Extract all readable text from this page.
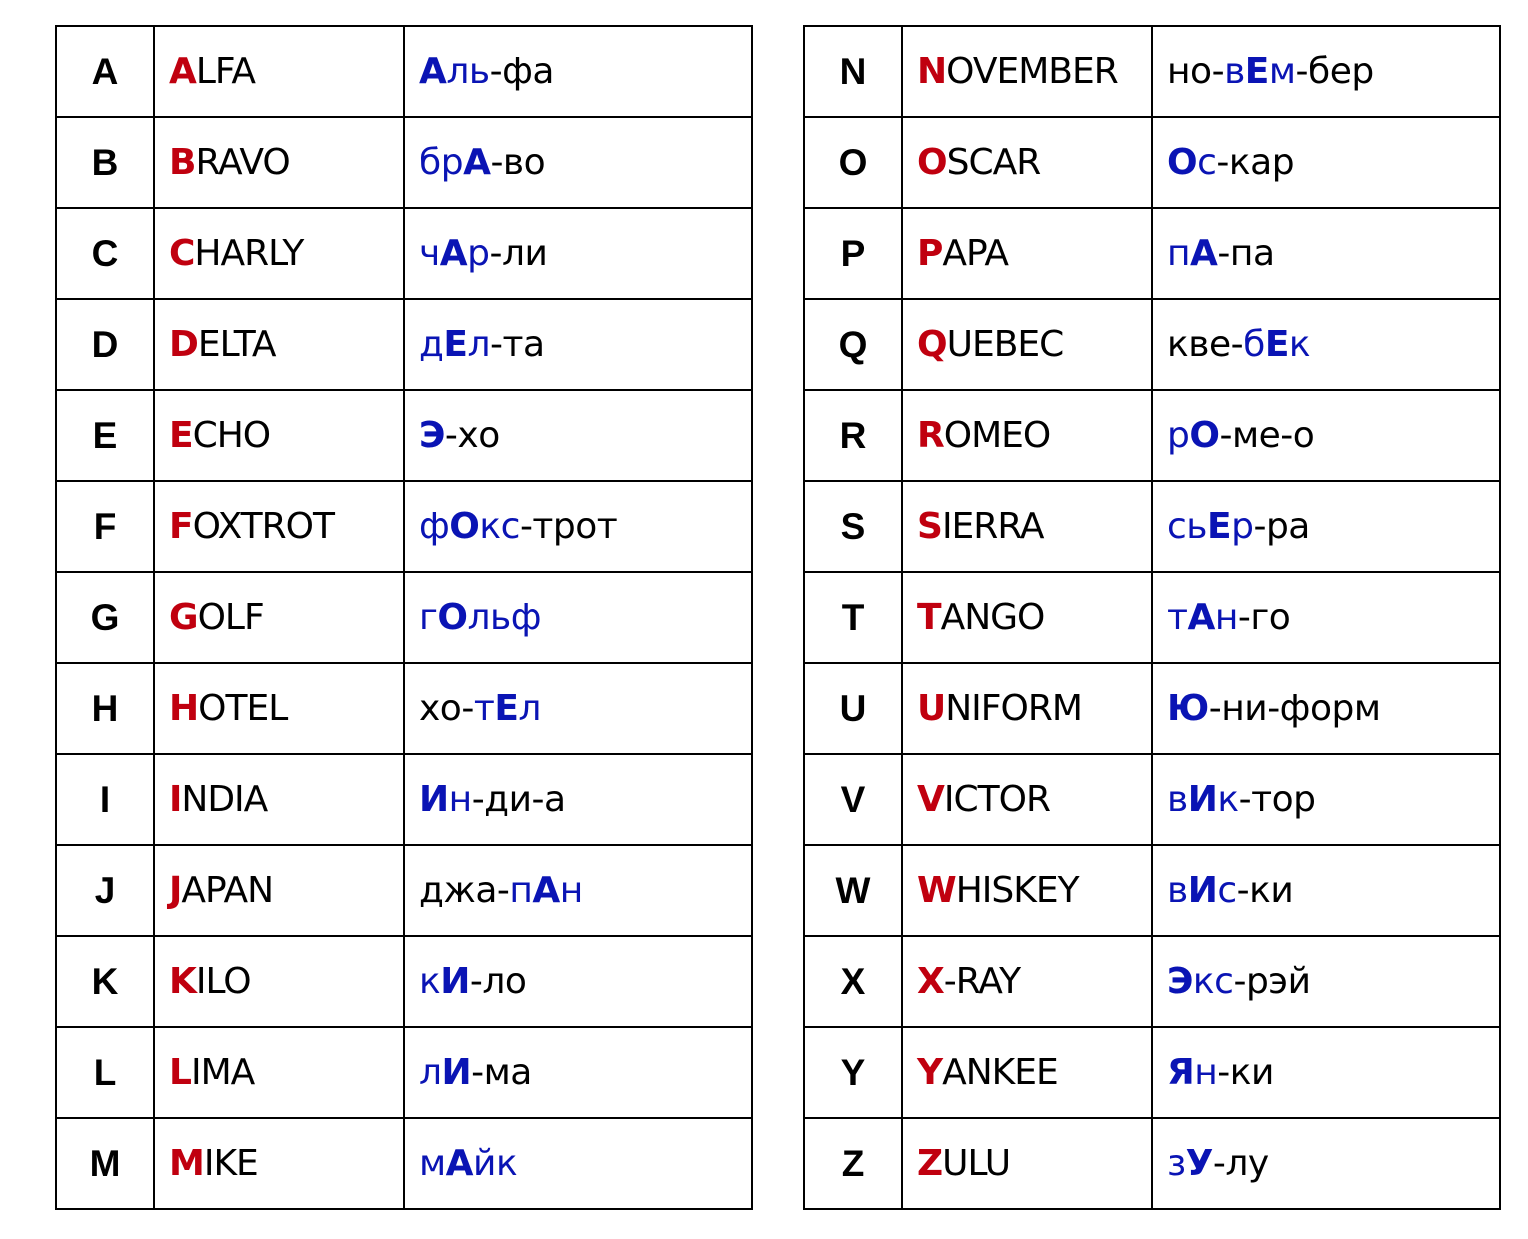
A	ALFA	Аль-фа
B	BRAVO	брА-во
C	CHARLY	чАр-ли
D	DELTA	дЕл-та
E	ECHO	Э-хо
F	FOXTROT	фОкс-трот
G	GOLF	гОльф
H	HOTEL	хо-тЕл
I	INDIA	Ин-ди-а
J	JAPAN	джа-пАн
K	KILO	кИ-ло
L	LIMA	лИ-ма
M	MIKE	мАйк
N	NOVEMBER	но-вЕм-бер
O	OSCAR	Ос-кар
P	PAPA	пА-па
Q	QUEBEC	кве-бЕк
R	ROMEO	рО-ме-о
S	SIERRA	сьЕр-ра
T	TANGO	тАн-го
U	UNIFORM	Ю-ни-форм
V	VICTOR	вИк-тор
W	WHISKEY	вИс-ки
X	X-RAY	Экс-рэй
Y	YANKEE	Ян-ки
Z	ZULU	зУ-лу
